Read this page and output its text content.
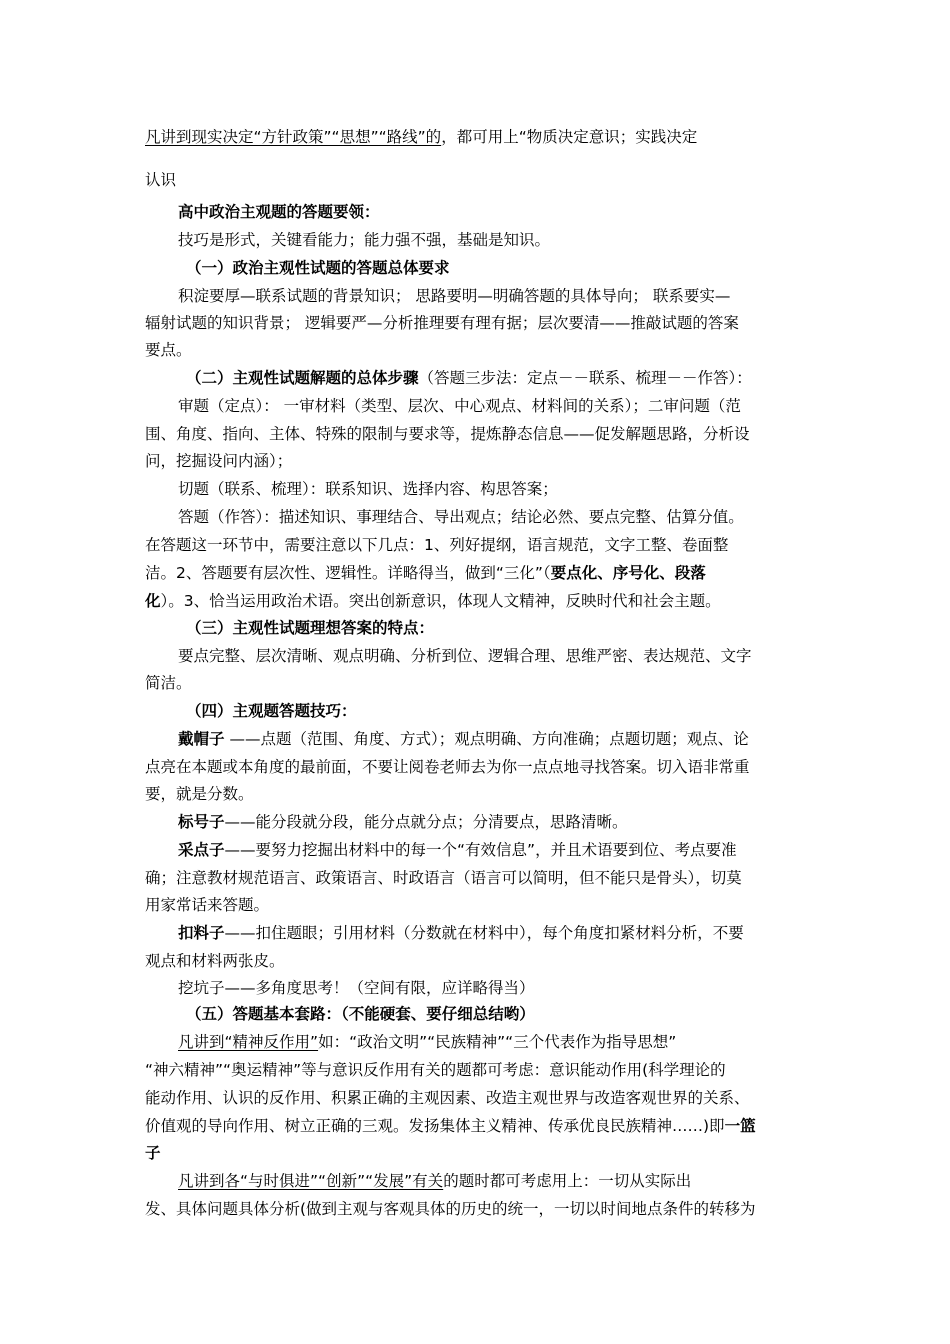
凡讲到现实决定“方针政策”“思想”“路线”的，都可用上“物质决定意识；实践决定
认识
高中政治主观题的答题要领：
技巧是形式，关键看能力；能力强不强，基础是知识。
（一）政治主观性试题的答题总体要求
积淀要厚—联系试题的背景知识； 思路要明—明确答题的具体导向； 联系要实—
辐射试题的知识背景； 逻辑要严—分析推理要有理有据；层次要清——推敲试题的答案
要点。
（二）主观性试题解题的总体步骤（答题三步法：定点－－联系、梳理－－作答）：
审题（定点）： 一审材料（类型、层次、中心观点、材料间的关系）；二审问题（范
围、角度、指向、主体、特殊的限制与要求等，提炼静态信息——促发解题思路，分析设
问，挖掘设问内涵）；
切题（联系、梳理）：联系知识、选择内容、构思答案；
答题（作答）：描述知识、事理结合、导出观点；结论必然、要点完整、估算分值。
在答题这一环节中，需要注意以下几点：1、列好提纲，语言规范，文字工整、卷面整
洁。2、答题要有层次性、逻辑性。详略得当，做到“三化”（要点化、序号化、段落
化）。3、恰当运用政治术语。突出创新意识，体现人文精神，反映时代和社会主题。
（三）主观性试题理想答案的特点：
要点完整、层次清晰、观点明确、分析到位、逻辑合理、思维严密、表达规范、文字
简洁。
（四）主观题答题技巧：
戴帽子 ——点题（范围、角度、方式）；观点明确、方向准确；点题切题；观点、论
点亮在本题或本角度的最前面，不要让阅卷老师去为你一点点地寻找答案。切入语非常重
要，就是分数。
标号子——能分段就分段，能分点就分点；分清要点，思路清晰。
采点子——要努力挖掘出材料中的每一个“有效信息”，并且术语要到位、考点要准
确；注意教材规范语言、政策语言、时政语言（语言可以简明，但不能只是骨头），切莫
用家常话来答题。
扣料子——扣住题眼；引用材料（分数就在材料中），每个角度扣紧材料分析，不要
观点和材料两张皮。
挖坑子——多角度思考！（空间有限，应详略得当）
（五）答题基本套路：（不能硬套、要仔细总结哟）
凡讲到“精神反作用”如：“政治文明”“民族精神”“三个代表作为指导思想”
“神六精神”“奥运精神”等与意识反作用有关的题都可考虑：意识能动作用(科学理论的
能动作用、认识的反作用、积累正确的主观因素、改造主观世界与改造客观世界的关系、
价值观的导向作用、树立正确的三观。发扬集体主义精神、传承优良民族精神……)即一篮
子
凡讲到各“与时俱进”“创新”“发展”有关的题时都可考虑用上：一切从实际出
发、具体问题具体分析(做到主观与客观具体的历史的统一，一切以时间地点条件的转移为
